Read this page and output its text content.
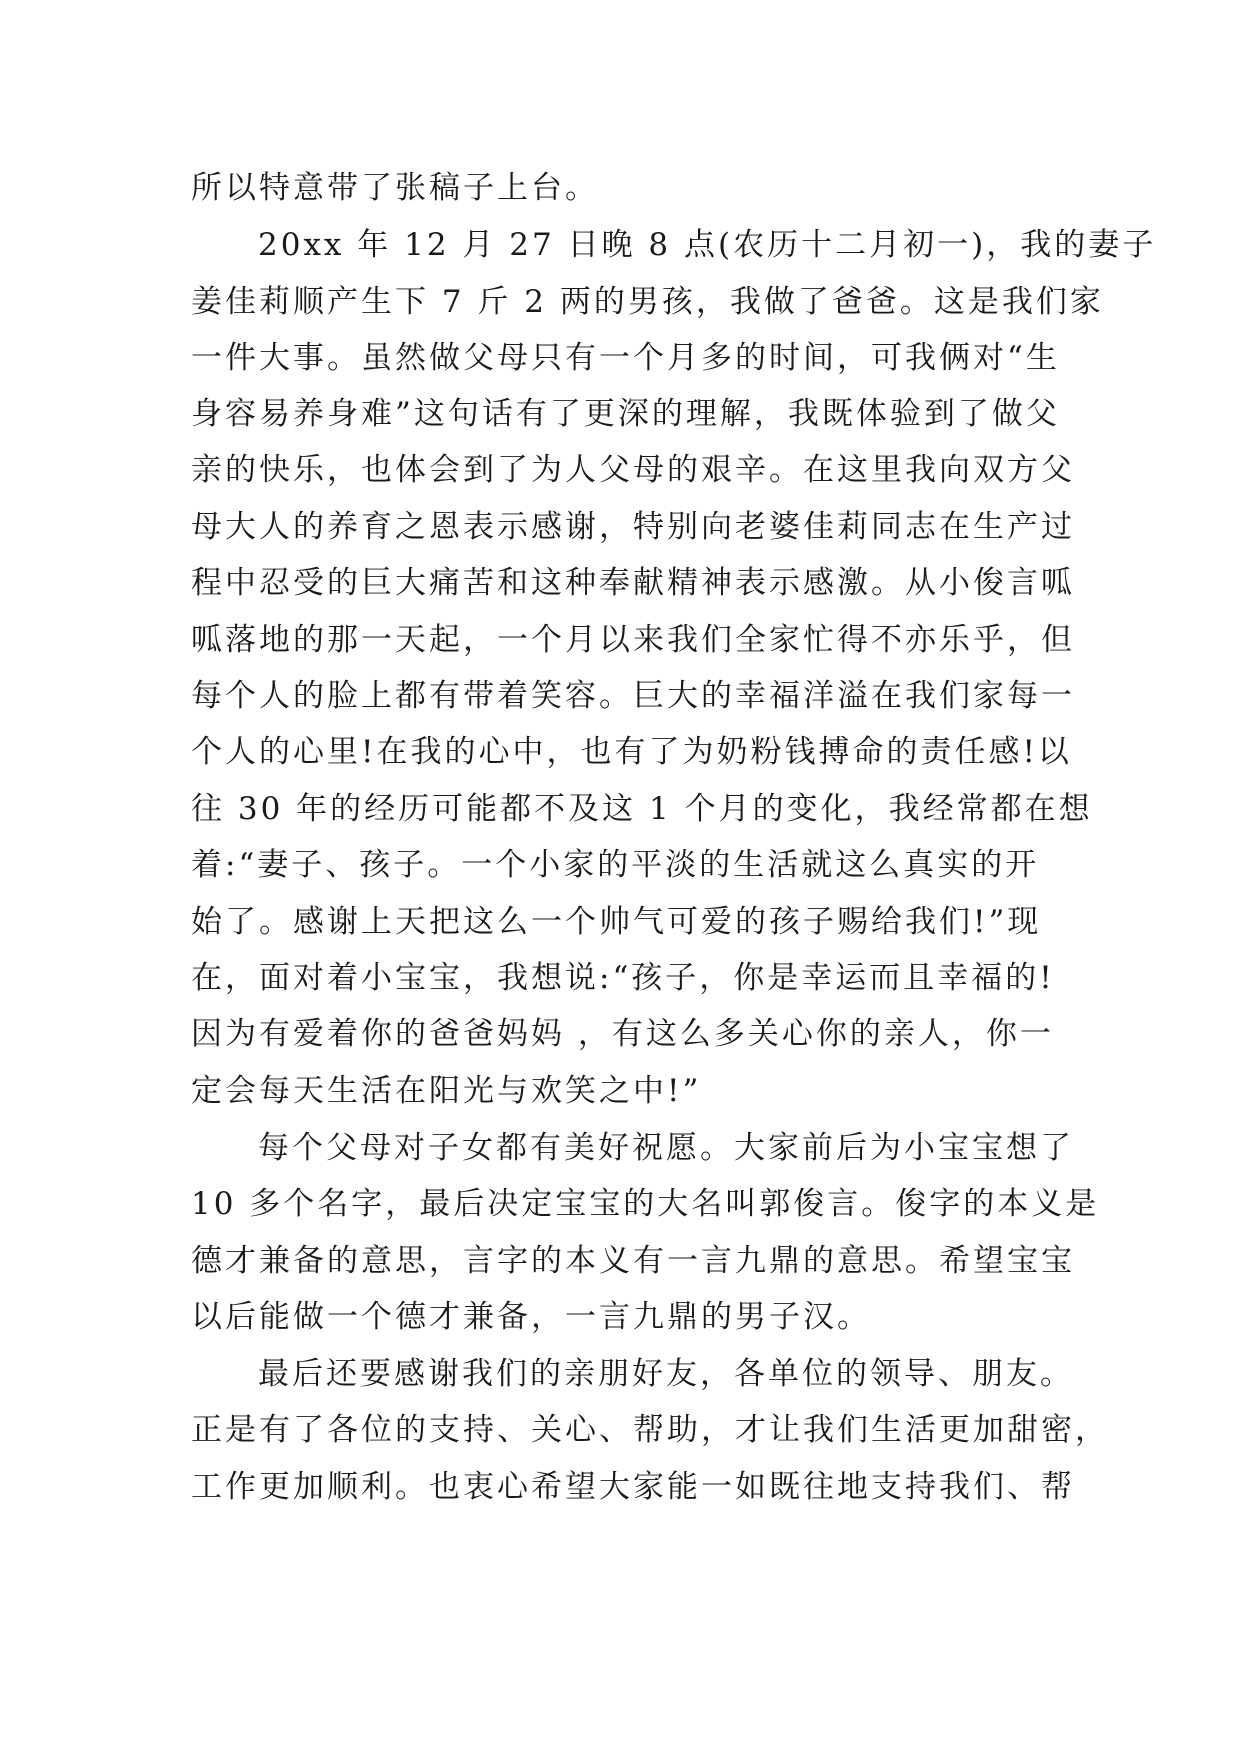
所以特意带了张稿子上台。

20xx 年 12 月 27 日晚 8 点(农历十二月初一)，我的妻子

姜佳莉顺产生下 7 斤 2 两的男孩，我做了爸爸。这是我们家

一件大事。虽然做父母只有一个月多的时间，可我俩对“生

身容易养身难”这句话有了更深的理解，我既体验到了做父

亲的快乐，也体会到了为人父母的艰辛。在这里我向双方父

母大人的养育之恩表示感谢，特别向老婆佳莉同志在生产过

程中忍受的巨大痛苦和这种奉献精神表示感激。从小俊言呱

呱落地的那一天起，一个月以来我们全家忙得不亦乐乎，但

每个人的脸上都有带着笑容。巨大的幸福洋溢在我们家每一

个人的心里!在我的心中，也有了为奶粉钱搏命的责任感!以

往 30 年的经历可能都不及这 1 个月的变化，我经常都在想

着:“妻子、孩子。一个小家的平淡的生活就这么真实的开

始了。感谢上天把这么一个帅气可爱的孩子赐给我们!”现

在，面对着小宝宝，我想说:“孩子，你是幸运而且幸福的!

因为有爱着你的爸爸妈妈 ，有这么多关心你的亲人，你一

定会每天生活在阳光与欢笑之中!”

每个父母对子女都有美好祝愿。大家前后为小宝宝想了

10 多个名字，最后决定宝宝的大名叫郭俊言。俊字的本义是

德才兼备的意思，言字的本义有一言九鼎的意思。希望宝宝

以后能做一个德才兼备，一言九鼎的男子汉。

最后还要感谢我们的亲朋好友，各单位的领导、朋友。

正是有了各位的支持、关心、帮助，才让我们生活更加甜密，

工作更加顺利。也衷心希望大家能一如既往地支持我们、帮
